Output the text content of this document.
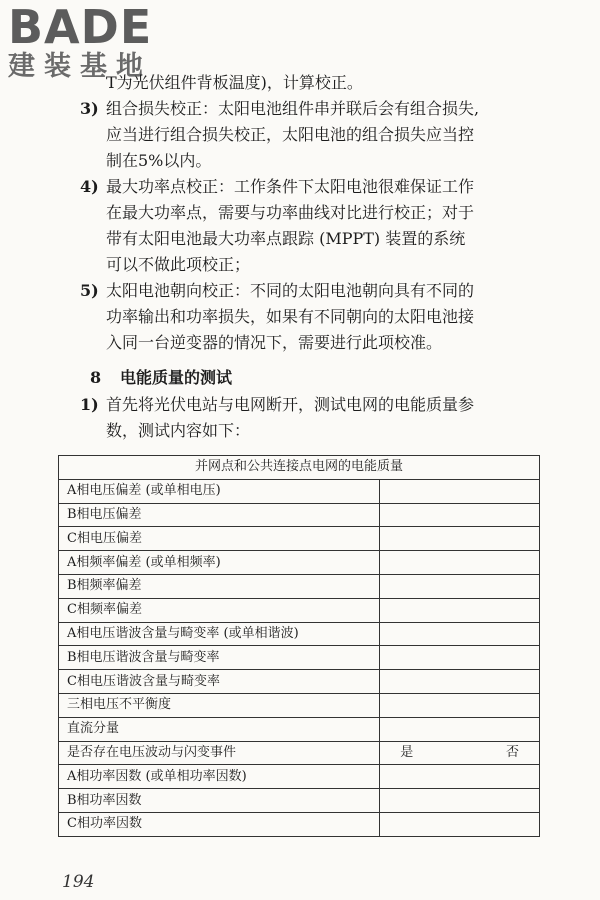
BADE
建装基地
T为光伏组件背板温度)，计算校正。
3) 组合损失校正：太阳电池组件串并联后会有组合损失,
应当进行组合损失校正，太阳电池的组合损失应当控
制在5%以内。
4) 最大功率点校正：工作条件下太阳电池很难保证工作
在最大功率点，需要与功率曲线对比进行校正；对于
带有太阳电池最大功率点跟踪 (MPPT) 装置的系统
可以不做此项校正；
5) 太阳电池朝向校正：不同的太阳电池朝向具有不同的
功率输出和功率损失，如果有不同朝向的太阳电池接
入同一台逆变器的情况下，需要进行此项校准。
8 电能质量的测试
1) 首先将光伏电站与电网断开，测试电网的电能质量参
数，测试内容如下：
并网点和公共连接点电网的电能质量	
A相电压偏差 (或单相电压)	
B相电压偏差	
C相电压偏差	
A相频率偏差 (或单相频率)	
B相频率偏差	
C相频率偏差	
A相电压谐波含量与畸变率 (或单相谐波)	
B相电压谐波含量与畸变率	
C相电压谐波含量与畸变率	
三相电压不平衡度	
直流分量	
是否存在电压波动与闪变事件	是 否

A相功率因数 (或单相功率因数)	
B相功率因数	
C相功率因数	
194
